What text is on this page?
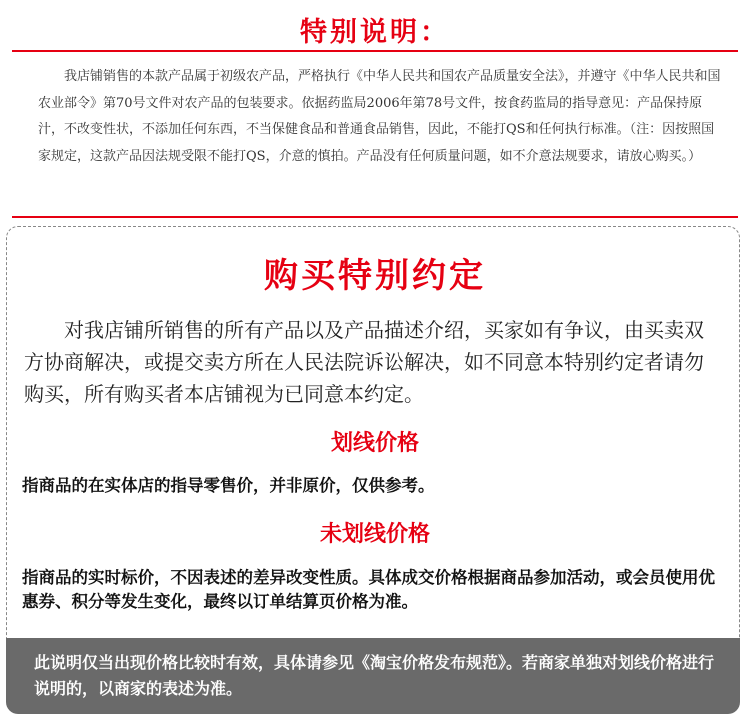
特别说明：
我店铺销售的本款产品属于初级农产品，严格执行《中华人民共和国农产品质量安全法》，并遵守《中华人民共和国农业部令》第70号文件对农产品的包装要求。依据药监局2006年第78号文件，按食药监局的指导意见：产品保持原汁，不改变性状，不添加任何东西，不当保健食品和普通食品销售，因此，不能打QS和任何执行标准。（注：因按照国家规定，这款产品因法规受限不能打QS，介意的慎拍。产品没有任何质量问题，如不介意法规要求，请放心购买。）
购买特别约定
对我店铺所销售的所有产品以及产品描述介绍，买家如有争议，由买卖双方协商解决，或提交卖方所在人民法院诉讼解决，如不同意本特别约定者请勿购买，所有购买者本店铺视为已同意本约定。
划线价格
指商品的在实体店的指导零售价，并非原价，仅供参考。
未划线价格
指商品的实时标价，不因表述的差异改变性质。具体成交价格根据商品参加活动，或会员使用优惠券、积分等发生变化，最终以订单结算页价格为准。
此说明仅当出现价格比较时有效，具体请参见《淘宝价格发布规范》。若商家单独对划线价格进行说明的，以商家的表述为准。
